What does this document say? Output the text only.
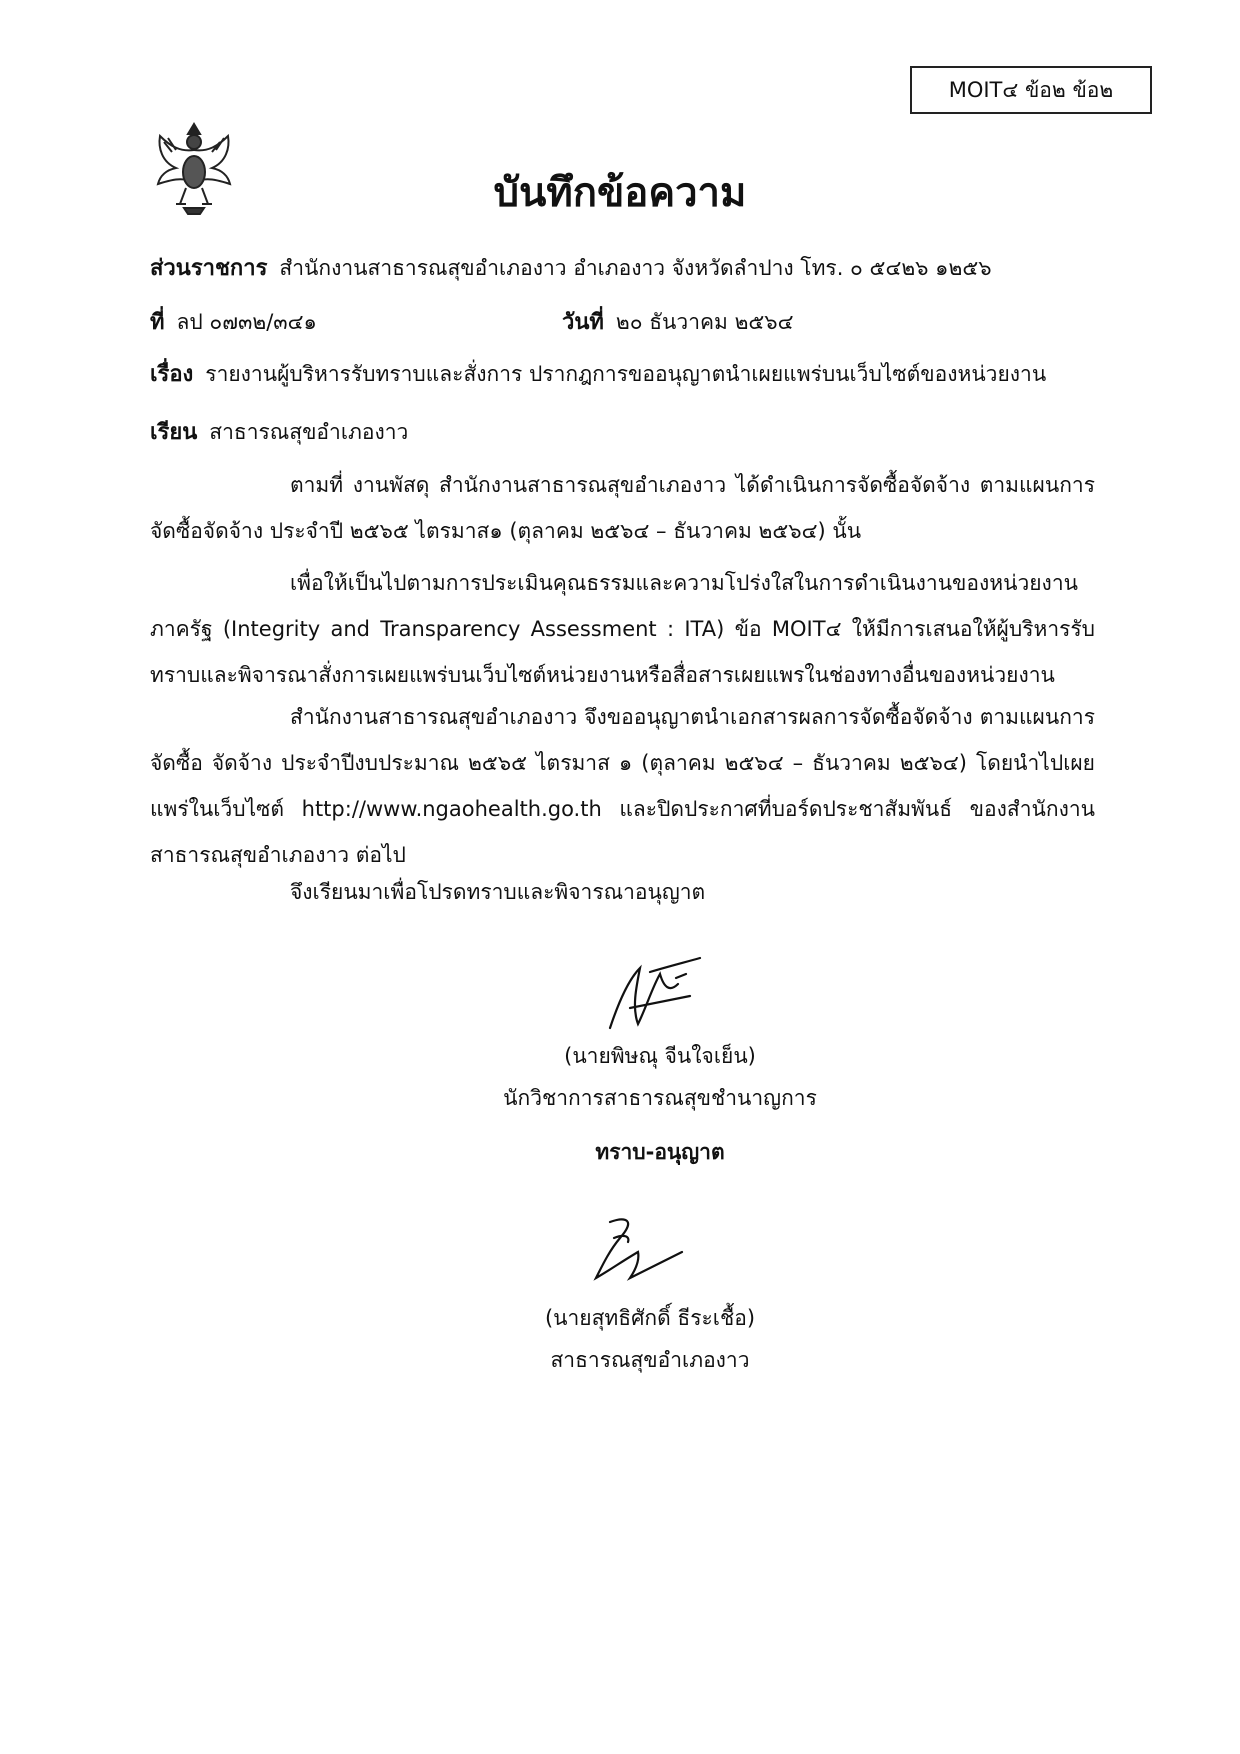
MOIT๔ ข้อ๒ ข้อ๒
บันทึกข้อความ
ส่วนราชการ สำนักงานสาธารณสุขอำเภองาว อำเภองาว จังหวัดลำปาง โทร. ๐ ๕๔๒๖ ๑๒๕๖
ที่ ลป ๐๗๓๒/๓๔๑	วันที่ ๒๐ ธันวาคม ๒๕๖๔
เรื่อง รายงานผู้บริหารรับทราบและสั่งการ ปรากฎการขออนุญาตนำเผยแพร่บนเว็บไซต์ของหน่วยงาน
เรียน สาธารณสุขอำเภองาว
ตามที่ งานพัสดุ สำนักงานสาธารณสุขอำเภองาว ได้ดำเนินการจัดซื้อจัดจ้าง ตามแผนการจัดซื้อจัดจ้าง ประจำปี ๒๕๖๕ ไตรมาส๑ (ตุลาคม ๒๕๖๔ – ธันวาคม ๒๕๖๔) นั้น
เพื่อให้เป็นไปตามการประเมินคุณธรรมและความโปร่งใสในการดำเนินงานของหน่วยงานภาครัฐ (Integrity and Transparency Assessment : ITA) ข้อ MOIT๔ ให้มีการเสนอให้ผู้บริหารรับทราบและพิจารณาสั่งการเผยแพร่บนเว็บไซต์หน่วยงานหรือสื่อสารเผยแพรในช่องทางอื่นของหน่วยงาน
สำนักงานสาธารณสุขอำเภองาว จึงขออนุญาตนำเอกสารผลการจัดซื้อจัดจ้าง ตามแผนการจัดซื้อ จัดจ้าง ประจำปีงบประมาณ ๒๕๖๕ ไตรมาส ๑ (ตุลาคม ๒๕๖๔ – ธันวาคม ๒๕๖๔) โดยนำไปเผยแพร่ในเว็บไซต์ http://www.ngaohealth.go.th และปิดประกาศที่บอร์ดประชาสัมพันธ์ ของสำนักงานสาธารณสุขอำเภองาว ต่อไป
จึงเรียนมาเพื่อโปรดทราบและพิจารณาอนุญาต
(นายพิษณุ จีนใจเย็น)
นักวิชาการสาธารณสุขชำนาญการ
ทราบ-อนุญาต
(นายสุทธิศักดิ์ ธีระเชื้อ)
สาธารณสุขอำเภองาว
